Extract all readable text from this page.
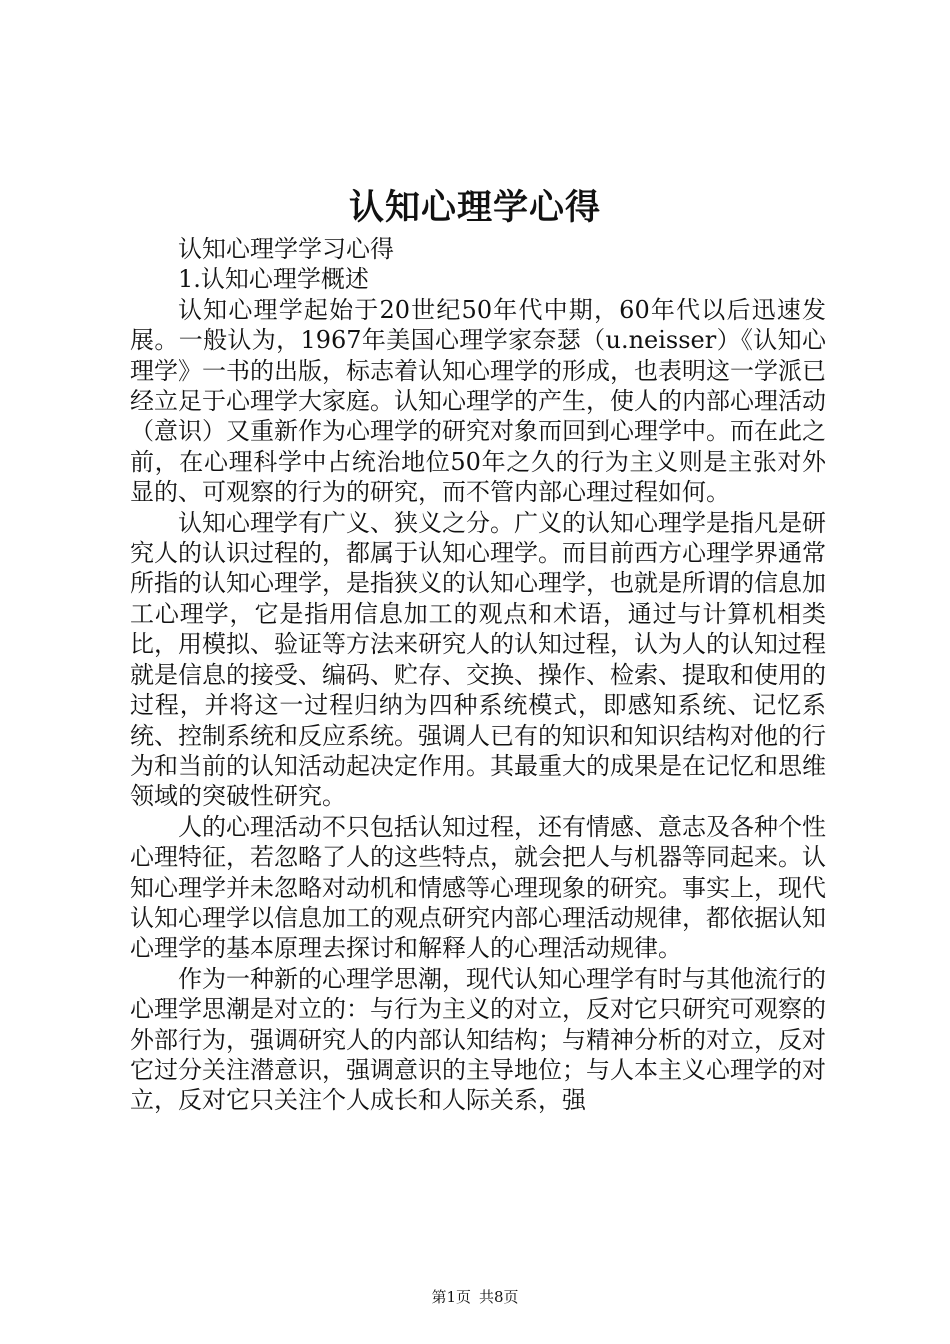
认知心理学心得

认知心理学学习心得

1.认知心理学概述

认知心理学起始于20世纪50年代中期，60年代以后迅速发展。一般认为，1967年美国心理学家奈瑟（u.neisser）《认知心理学》一书的出版，标志着认知心理学的形成，也表明这一学派已经立足于心理学大家庭。认知心理学的产生，使人的内部心理活动（意识）又重新作为心理学的研究对象而回到心理学中。而在此之前，在心理科学中占统治地位50年之久的行为主义则是主张对外显的、可观察的行为的研究，而不管内部心理过程如何。

认知心理学有广义、狭义之分。广义的认知心理学是指凡是研究人的认识过程的，都属于认知心理学。而目前西方心理学界通常所指的认知心理学，是指狭义的认知心理学，也就是所谓的信息加工心理学，它是指用信息加工的观点和术语，通过与计算机相类比，用模拟、验证等方法来研究人的认知过程，认为人的认知过程就是信息的接受、编码、贮存、交换、操作、检索、提取和使用的过程，并将这一过程归纳为四种系统模式，即感知系统、记忆系统、控制系统和反应系统。强调人已有的知识和知识结构对他的行为和当前的认知活动起决定作用。其最重大的成果是在记忆和思维领域的突破性研究。

人的心理活动不只包括认知过程，还有情感、意志及各种个性心理特征，若忽略了人的这些特点，就会把人与机器等同起来。认知心理学并未忽略对动机和情感等心理现象的研究。事实上，现代认知心理学以信息加工的观点研究内部心理活动规律，都依据认知心理学的基本原理去探讨和解释人的心理活动规律。

作为一种新的心理学思潮，现代认知心理学有时与其他流行的心理学思潮是对立的：与行为主义的对立，反对它只研究可观察的外部行为，强调研究人的内部认知结构；与精神分析的对立，反对它过分关注潜意识，强调意识的主导地位；与人本主义心理学的对立，反对它只关注个人成长和人际关系，强

第1页 共8页
